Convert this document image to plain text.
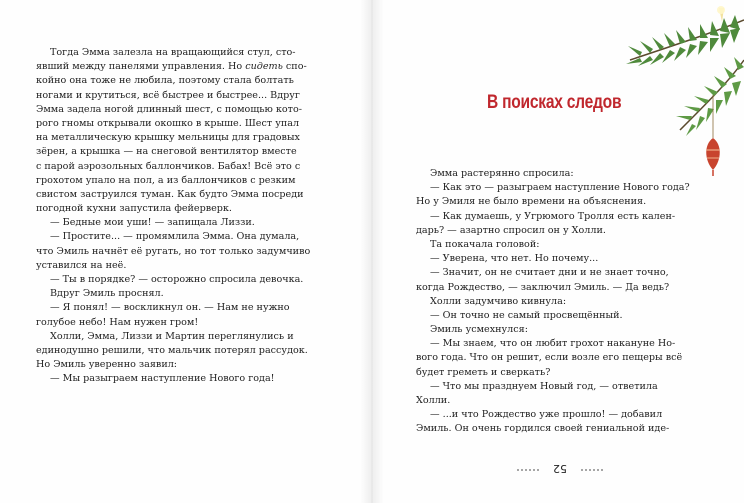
Тогда Эмма залезла на вращающийся стул, сто-
явший между панелями управления. Но сидеть спо-
койно она тоже не любила, поэтому стала болтать
ногами и крутиться, всё быстрее и быстрее... Вдруг
Эмма задела ногой длинный шест, с помощью кото-
рого гномы открывали окошко в крыше. Шест упал
на металлическую крышку мельницы для градовых
зёрен, а крышка — на снеговой вентилятор вместе
с парой аэрозольных баллончиков. Бабах! Всё это с
грохотом упало на пол, а из баллончиков с резким
свистом заструился туман. Как будто Эмма посреди
погодной кухни запустила фейерверк.
— Бедные мои уши! — запищала Лиззи.
— Простите... — промямлила Эмма. Она думала,
что Эмиль начнёт её ругать, но тот только задумчиво
уставился на неё.
— Ты в порядке? — осторожно спросила девочка.
Вдруг Эмиль проснял.
— Я понял! — воскликнул он. — Нам не нужно
голубое небо! Нам нужен гром!
Холли, Эмма, Лиззи и Мартин переглянулись и
единодушно решили, что мальчик потерял рассудок.
Но Эмиль уверенно заявил:
— Мы разыграем наступление Нового года!
В поисках следов
Эмма растерянно спросила:
— Как это — разыграем наступление Нового года?
Но у Эмиля не было времени на объяснения.
— Как думаешь, у Угрюмого Тролля есть кален-
дарь? — азартно спросил он у Холли.
Та покачала головой:
— Уверена, что нет. Но почему...
— Значит, он не считает дни и не знает точно,
когда Рождество, — заключил Эмиль. — Да ведь?
Холли задумчиво кивнула:
— Он точно не самый просвещённый.
Эмиль усмехнулся:
— Мы знаем, что он любит грохот накануне Но-
вого года. Что он решит, если возле его пещеры всё
будет греметь и сверкать?
— Что мы празднуем Новый год, — ответила
Холли.
— ...и что Рождество уже прошло! — добавил
Эмиль. Он очень гордился своей гениальной иде-
52
